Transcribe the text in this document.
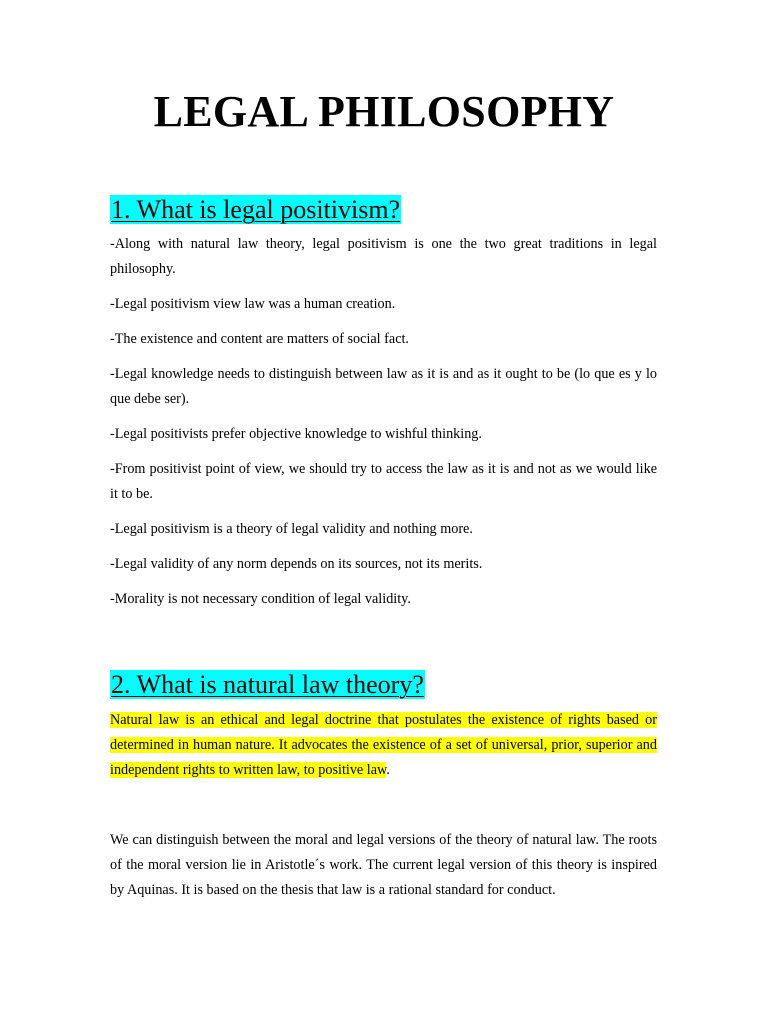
LEGAL PHILOSOPHY
1. What is legal positivism?

-Along with natural law theory, legal positivism is one the two great traditions in legal philosophy.

-Legal positivism view law was a human creation.

-The existence and content are matters of social fact.

-Legal knowledge needs to distinguish between law as it is and as it ought to be (lo que es y lo que debe ser).

-Legal positivists prefer objective knowledge to wishful thinking.

-From positivist point of view, we should try to access the law as it is and not as we would like it to be.

-Legal positivism is a theory of legal validity and nothing more.

-Legal validity of any norm depends on its sources, not its merits.

-Morality is not necessary condition of legal validity.

2. What is natural law theory?

Natural law is an ethical and legal doctrine that postulates the existence of rights based or determined in human nature. It advocates the existence of a set of universal, prior, superior and independent rights to written law, to positive law.

We can distinguish between the moral and legal versions of the theory of natural law. The roots of the moral version lie in Aristotle´s work. The current legal version of this theory is inspired by Aquinas. It is based on the thesis that law is a rational standard for conduct.
